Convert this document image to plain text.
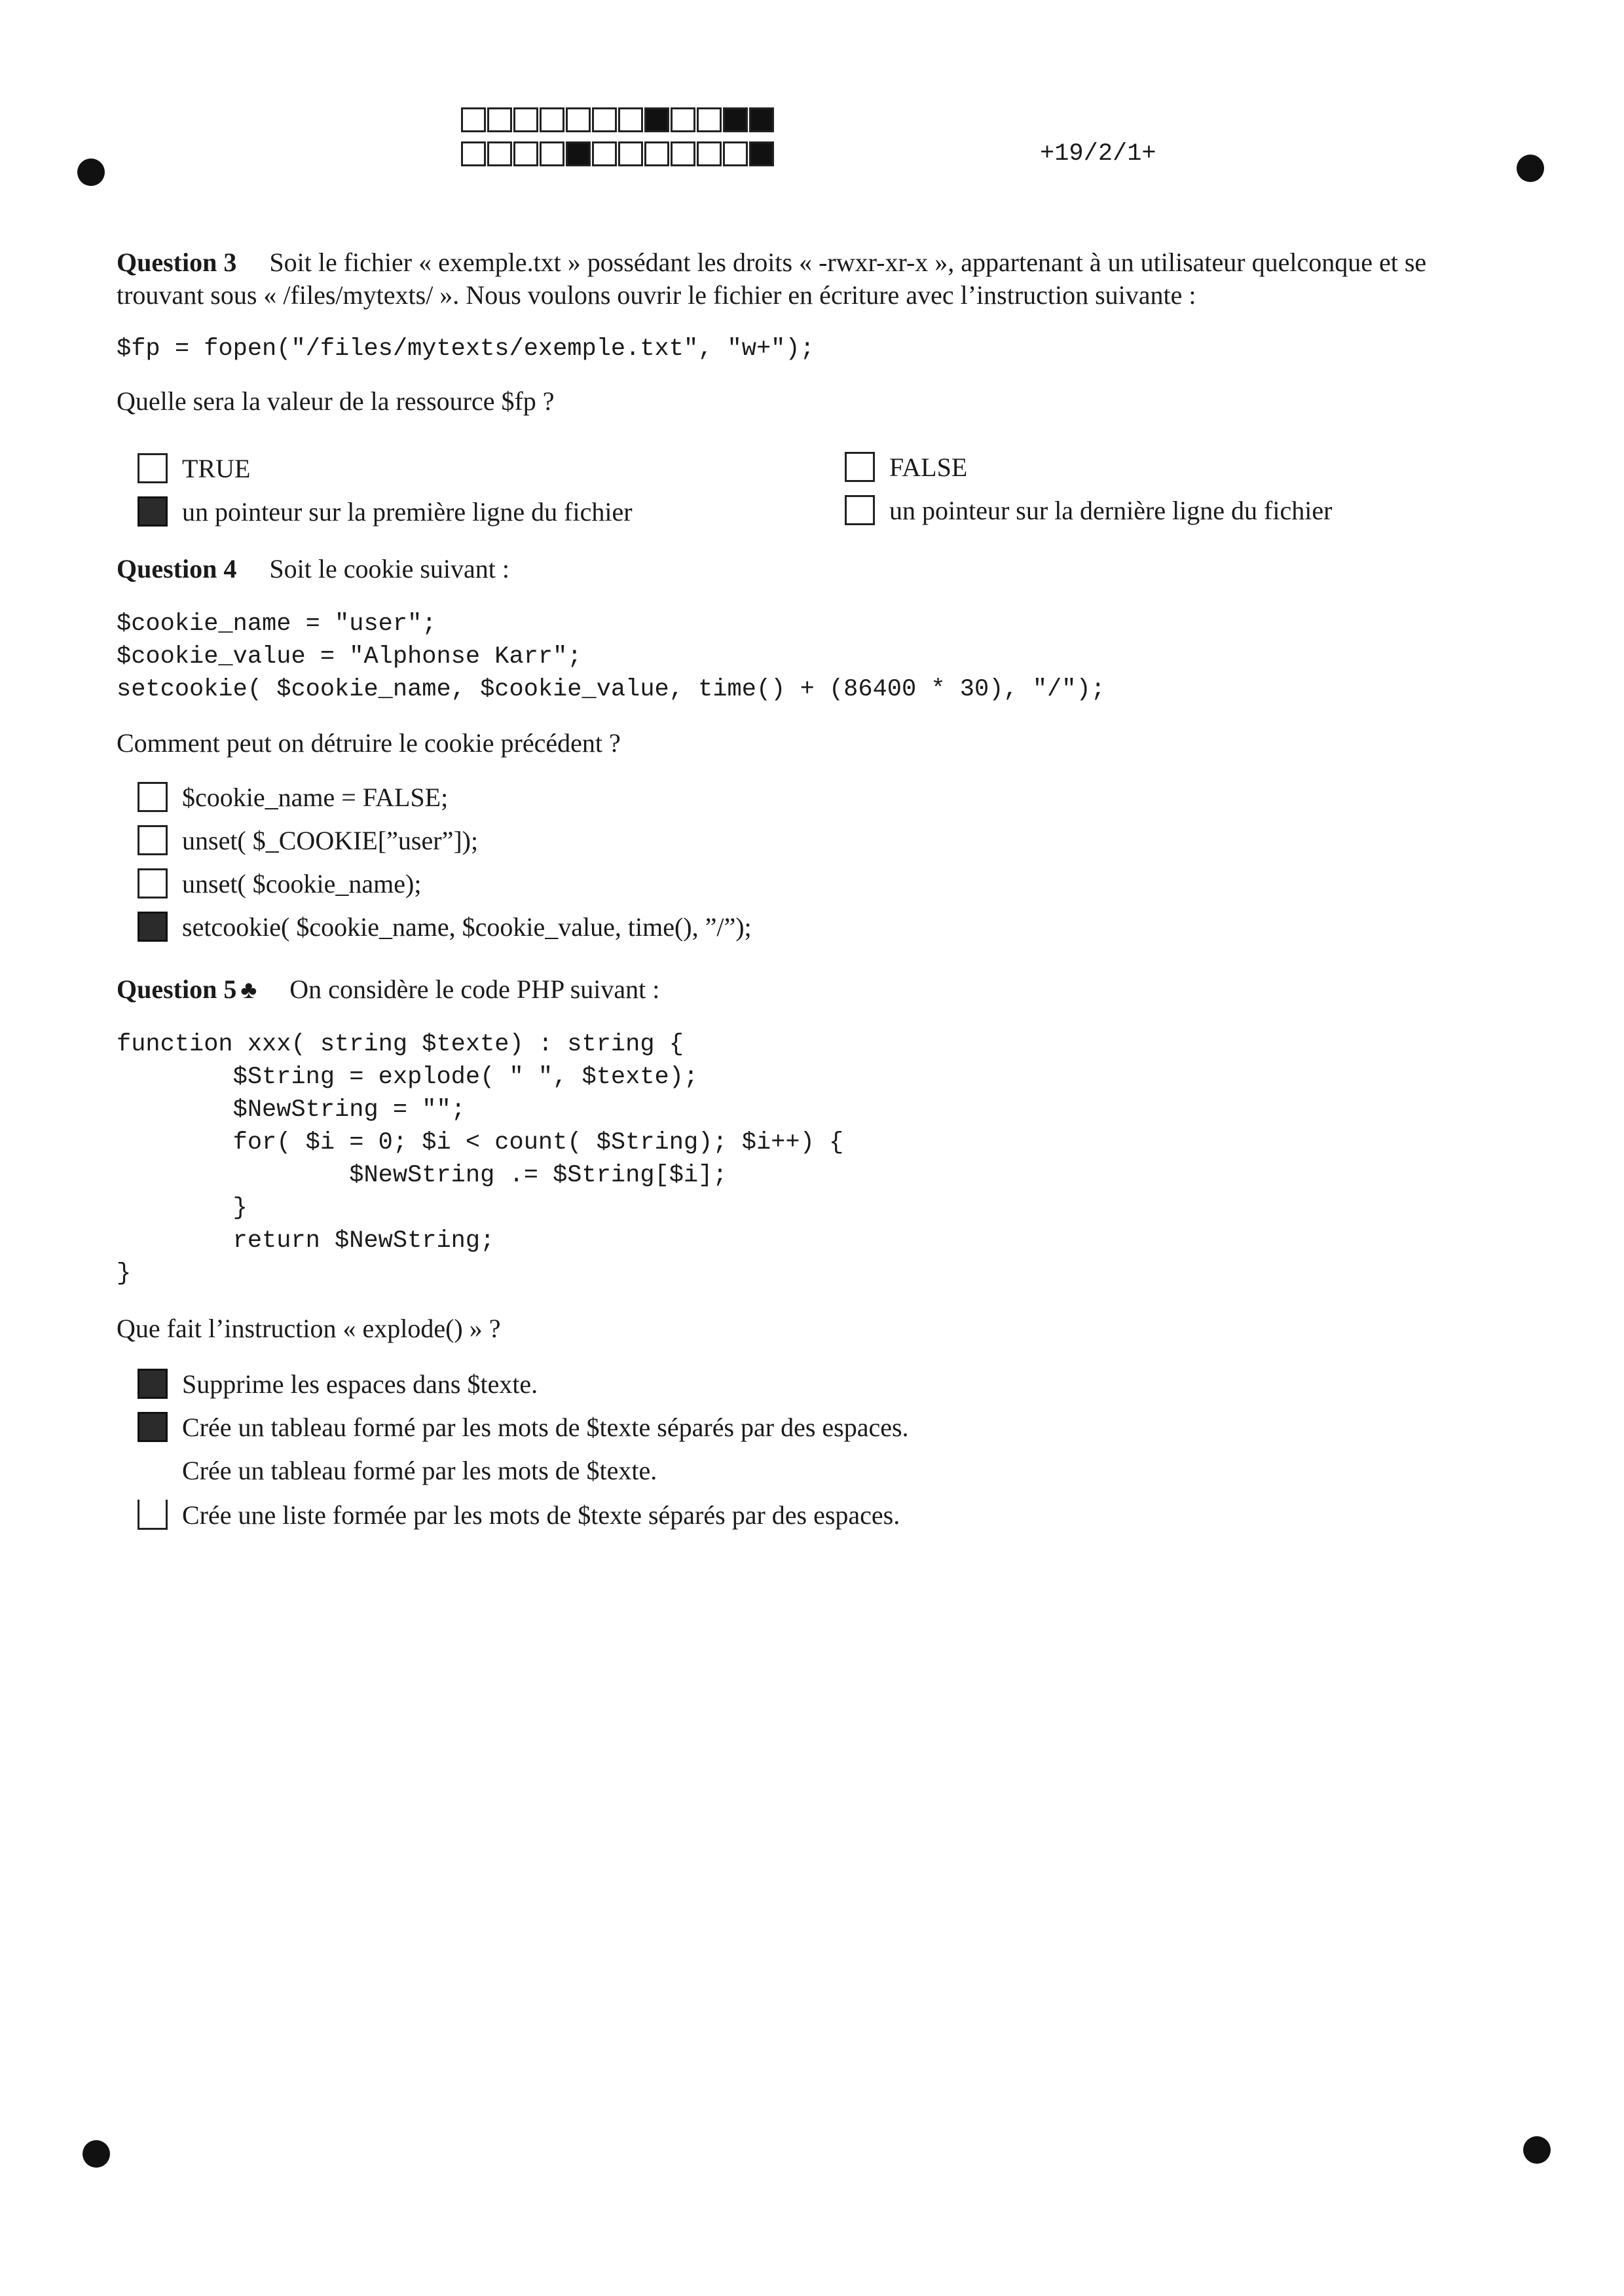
+19/2/1+
Question 3 Soit le fichier « exemple.txt » possédant les droits « -rwxr-xr-x », appartenant à un utilisateur quelconque et se trouvant sous « /files/mytexts/ ». Nous voulons ouvrir le fichier en écriture avec l’instruction suivante :
$fp = fopen("/files/mytexts/exemple.txt", "w+");
Quelle sera la valeur de la ressource $fp ?
TRUE	FALSE
un pointeur sur la première ligne du fichier	un pointeur sur la dernière ligne du fichier
Question 4 Soit le cookie suivant :
$cookie_name = "user";
$cookie_value = "Alphonse Karr";
setcookie( $cookie_name, $cookie_value, time() + (86400 * 30), "/");
Comment peut on détruire le cookie précédent ?
$cookie_name = FALSE;
unset( $_COOKIE[”user”]);
unset( $cookie_name);
setcookie( $cookie_name, $cookie_value, time(), ”/”);
Question 5 ♣ On considère le code PHP suivant :
function xxx( string $texte) : string {
$String = explode( " ", $texte);
$NewString = "";
for( $i = 0; $i < count( $String); $i++) {
$NewString .= $String[$i];
}
return $NewString;
}
Que fait l’instruction « explode() » ?
Supprime les espaces dans $texte.
Crée un tableau formé par les mots de $texte séparés par des espaces.
Crée un tableau formé par les mots de $texte.
Crée une liste formée par les mots de $texte séparés par des espaces.
